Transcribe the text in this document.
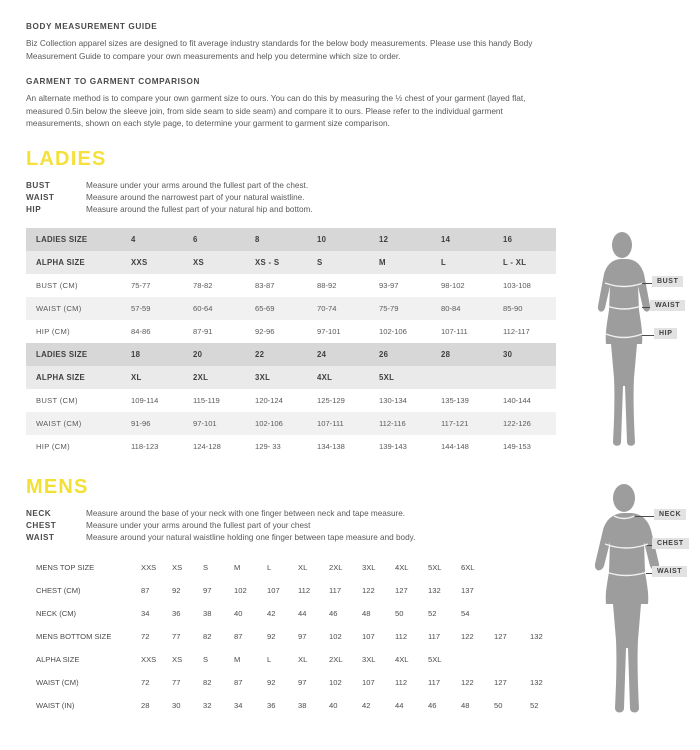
BODY MEASUREMENT GUIDE

Biz Collection apparel sizes are designed to fit average industry standards for the below body measurements. Please use this handy Body Measurement Guide to compare your own measurements and help you determine which size to order.

GARMENT TO GARMENT COMPARISON

An alternate method is to compare your own garment size to ours. You can do this by measuring the ½ chest of your garment (layed flat, measured 0.5in below the sleeve join, from side seam to side seam) and compare it to ours. Please refer to the individual garment measurements, shown on each style page, to determine your garment to garment size comparison.

LADIES
BUST	Measure under your arms around the fullest part of the chest.
WAIST	Measure around the narrowest part of your natural waistline.
HIP	Measure around the fullest part of your natural hip and bottom.
LADIES SIZE	4	6	8	10	12	14	16
ALPHA SIZE	XXS	XS	XS - S	S	M	L	L - XL
BUST (CM)	75-77	78-82	83-87	88-92	93-97	98-102	103-108
WAIST (CM)	57-59	60-64	65-69	70-74	75-79	80-84	85-90
HIP (CM)	84-86	87-91	92-96	97-101	102-106	107-111	112-117
LADIES SIZE	18	20	22	24	26	28	30
ALPHA SIZE	XL	2XL	3XL	4XL	5XL		
BUST (CM)	109-114	115-119	120-124	125-129	130-134	135-139	140-144
WAIST (CM)	91-96	97-101	102-106	107-111	112-116	117-121	122-126
HIP (CM)	118-123	124-128	129- 33	134-138	139-143	144-148	149-153
MENS
NECK	Measure around the base of your neck with one finger between neck and tape measure.
CHEST	Measure under your arms around the fullest part of your chest
WAIST	Measure around your natural waistline holding one finger between tape measure and body.
MENS TOP SIZE	XXS	XS	S	M	L	XL	2XL	3XL	4XL	5XL	6XL		
CHEST (CM)	87	92	97	102	107	112	117	122	127	132	137		
NECK (CM)	34	36	38	40	42	44	46	48	50	52	54		
MENS BOTTOM SIZE	72	77	82	87	92	97	102	107	112	117	122	127	132
ALPHA SIZE	XXS	XS	S	M	L	XL	2XL	3XL	4XL	5XL			
WAIST (CM)	72	77	82	87	92	97	102	107	112	117	122	127	132
WAIST (IN)	28	30	32	34	36	38	40	42	44	46	48	50	52
BUST
WAIST
HIP
NECK
CHEST
WAIST
